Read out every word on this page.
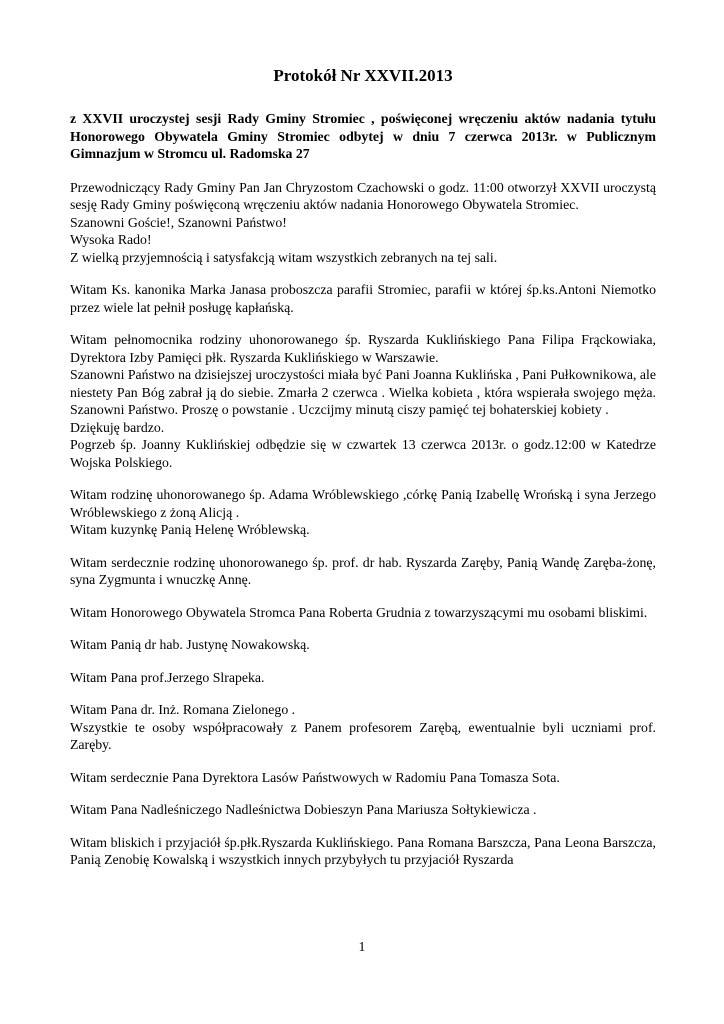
Protokół Nr XXVII.2013
z XXVII uroczystej sesji Rady Gminy Stromiec , poświęconej wręczeniu aktów nadania tytułu Honorowego Obywatela Gminy Stromiec odbytej w dniu 7 czerwca 2013r. w Publicznym Gimnazjum w Stromcu ul. Radomska 27

Przewodniczący Rady Gminy Pan Jan Chryzostom Czachowski o godz. 11:00 otworzył XXVII uroczystą sesję Rady Gminy poświęconą wręczeniu aktów nadania Honorowego Obywatela Stromiec.
Szanowni Goście!, Szanowni Państwo!
Wysoka Rado!
Z wielką przyjemnością i satysfakcją witam wszystkich zebranych na tej sali.

Witam Ks. kanonika Marka Janasa proboszcza parafii Stromiec, parafii w której śp.ks.Antoni Niemotko przez wiele lat pełnił posługę kapłańską.

Witam pełnomocnika rodziny uhonorowanego śp. Ryszarda Kuklińskiego Pana Filipa Frąckowiaka, Dyrektora Izby Pamięci płk. Ryszarda Kuklińskiego w Warszawie.
Szanowni Państwo na dzisiejszej uroczystości miała być Pani Joanna Kuklińska , Pani Pułkownikowa, ale niestety Pan Bóg zabrał ją do siebie. Zmarła 2 czerwca . Wielka kobieta , która wspierała swojego męża. Szanowni Państwo. Proszę o powstanie . Uczcijmy minutą ciszy pamięć tej bohaterskiej kobiety .
Dziękuję bardzo.
Pogrzeb śp. Joanny Kuklińskiej odbędzie się w czwartek 13 czerwca 2013r. o godz.12:00 w Katedrze Wojska Polskiego.

Witam rodzinę uhonorowanego śp. Adama Wróblewskiego ,córkę Panią Izabellę Wrońską i syna Jerzego Wróblewskiego z żoną Alicją .
Witam kuzynkę Panią Helenę Wróblewską.

Witam serdecznie rodzinę uhonorowanego śp. prof. dr hab. Ryszarda Zaręby, Panią Wandę Zaręba-żonę, syna Zygmunta i wnuczkę Annę.

Witam Honorowego Obywatela Stromca Pana Roberta Grudnia z towarzyszącymi mu osobami bliskimi.

Witam Panią dr hab. Justynę Nowakowską.

Witam Pana prof.Jerzego Slrapeka.

Witam Pana dr. Inż. Romana Zielonego .
Wszystkie te osoby współpracowały z Panem profesorem Zarębą, ewentualnie byli uczniami prof. Zaręby.

Witam serdecznie Pana Dyrektora Lasów Państwowych w Radomiu Pana Tomasza Sota.

Witam Pana Nadleśniczego Nadleśnictwa Dobieszyn Pana Mariusza Sołtykiewicza .

Witam bliskich i przyjaciół śp.płk.Ryszarda Kuklińskiego. Pana Romana Barszcza, Pana Leona Barszcza, Panią Zenobię Kowalską i wszystkich innych przybyłych tu przyjaciół Ryszarda

1
